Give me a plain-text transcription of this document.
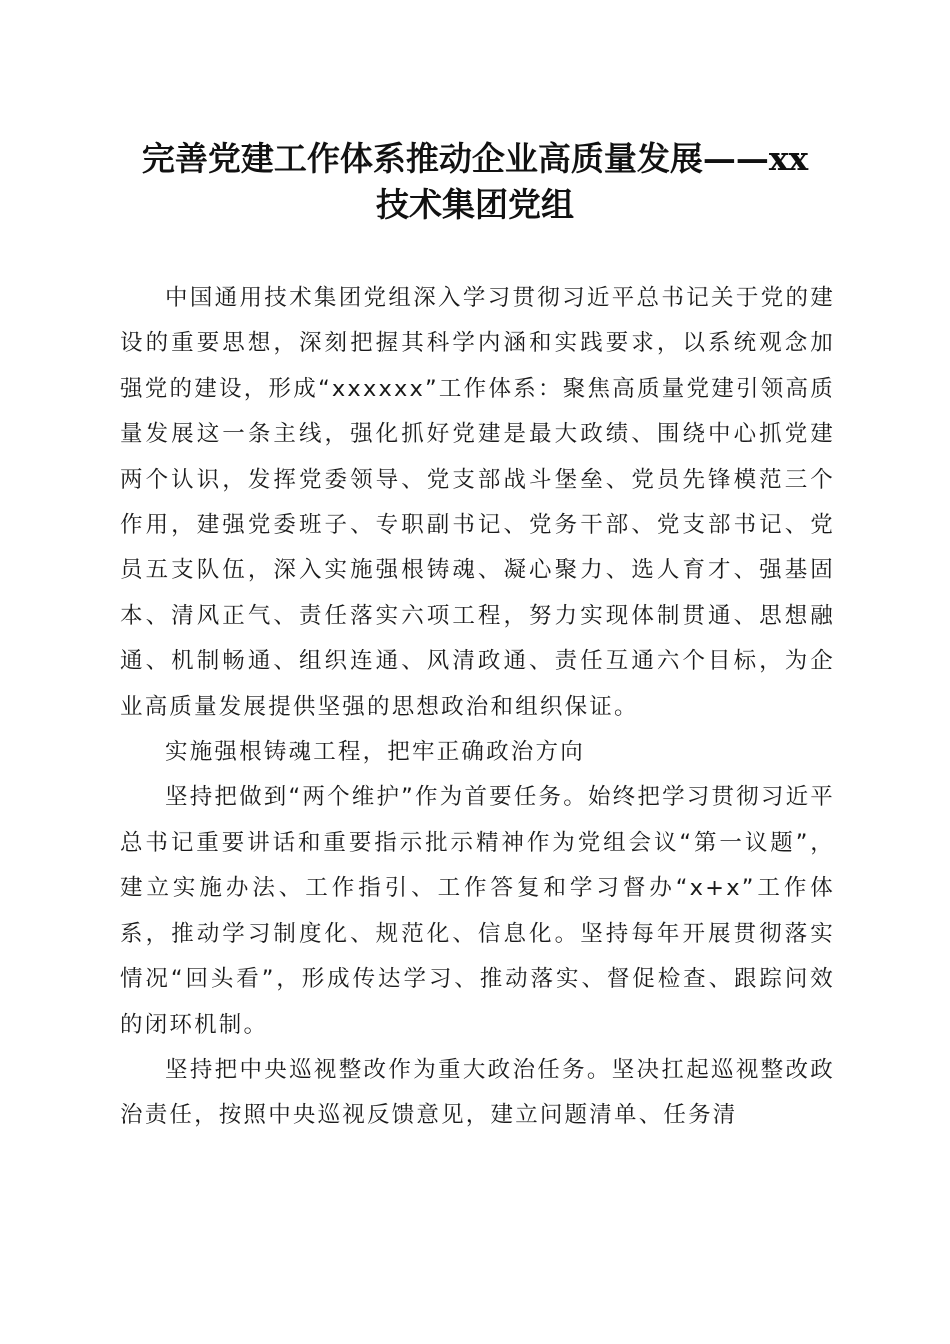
完善党建工作体系推动企业高质量发展——xx
技术集团党组

中国通用技术集团党组深入学习贯彻习近平总书记关于党的建设的重要思想，深刻把握其科学内涵和实践要求，以系统观念加强党的建设，形成“xxxxxx”工作体系：聚焦高质量党建引领高质量发展这一条主线，强化抓好党建是最大政绩、围绕中心抓党建两个认识，发挥党委领导、党支部战斗堡垒、党员先锋模范三个作用，建强党委班子、专职副书记、党务干部、党支部书记、党员五支队伍，深入实施强根铸魂、凝心聚力、选人育才、强基固本、清风正气、责任落实六项工程，努力实现体制贯通、思想融通、机制畅通、组织连通、风清政通、责任互通六个目标，为企业高质量发展提供坚强的思想政治和组织保证。

实施强根铸魂工程，把牢正确政治方向

坚持把做到“两个维护”作为首要任务。始终把学习贯彻习近平总书记重要讲话和重要指示批示精神作为党组会议“第一议题”，建立实施办法、工作指引、工作答复和学习督办“x+x”工作体系，推动学习制度化、规范化、信息化。坚持每年开展贯彻落实情况“回头看”，形成传达学习、推动落实、督促检查、跟踪问效的闭环机制。

坚持把中央巡视整改作为重大政治任务。坚决扛起巡视整改政治责任，按照中央巡视反馈意见，建立问题清单、任务清
